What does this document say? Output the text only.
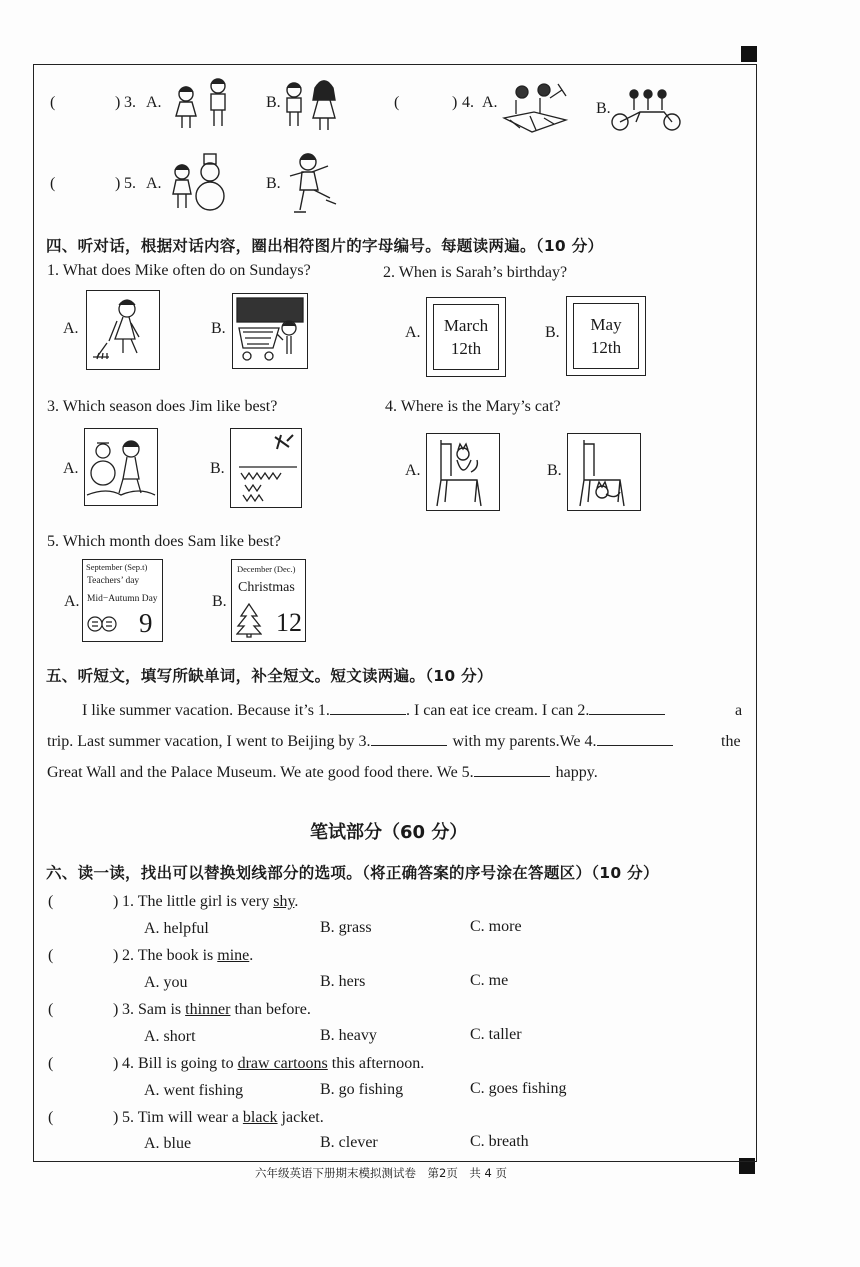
(	) 3. A.	B.	(	) 4. A.	B.
(	) 5. A.	B.
四、听对话，根据对话内容，圈出相符图片的字母编号。每题读两遍。（10 分）
1. What does Mike often do on Sundays?
A.	B.
2. When is Sarah’s birthday?
A. March
12th
B. May
12th
3. Which season does Jim like best?
A.	B.
4. Where is the Mary’s cat?
A.	B.
5. Which month does Sam like best?
A.
September (Sep.t)
Teachers’ day
Mid−Autumn Day
9
B.
December (Dec.)
Christmas
12
五、听短文，填写所缺单词，补全短文。短文读两遍。（10 分）
I like summer vacation. Because it’s 1.	. I can eat ice cream. I can 2.	a
trip. Last summer vacation, I went to Beijing by 3.	with my parents.We 4.	the
Great Wall and the Palace Museum. We ate good food there. We 5.	happy.
笔试部分（60 分）
六、读一读，找出可以替换划线部分的选项。（将正确答案的序号涂在答题区）（10 分）
(	) 1. The little girl is very shy.
A. helpful	B. grass	C. more
(	) 2. The book is mine.
A. you	B. hers	C. me
(	) 3. Sam is thinner than before.
A. short	B. heavy	C. taller
(	) 4. Bill is going to draw cartoons this afternoon.
A. went fishing	B. go fishing	C. goes fishing
(	) 5. Tim will wear a black jacket.
A. blue	B. clever	C. breath
六年级英语下册期末模拟测试卷　第2页　共 4 页
